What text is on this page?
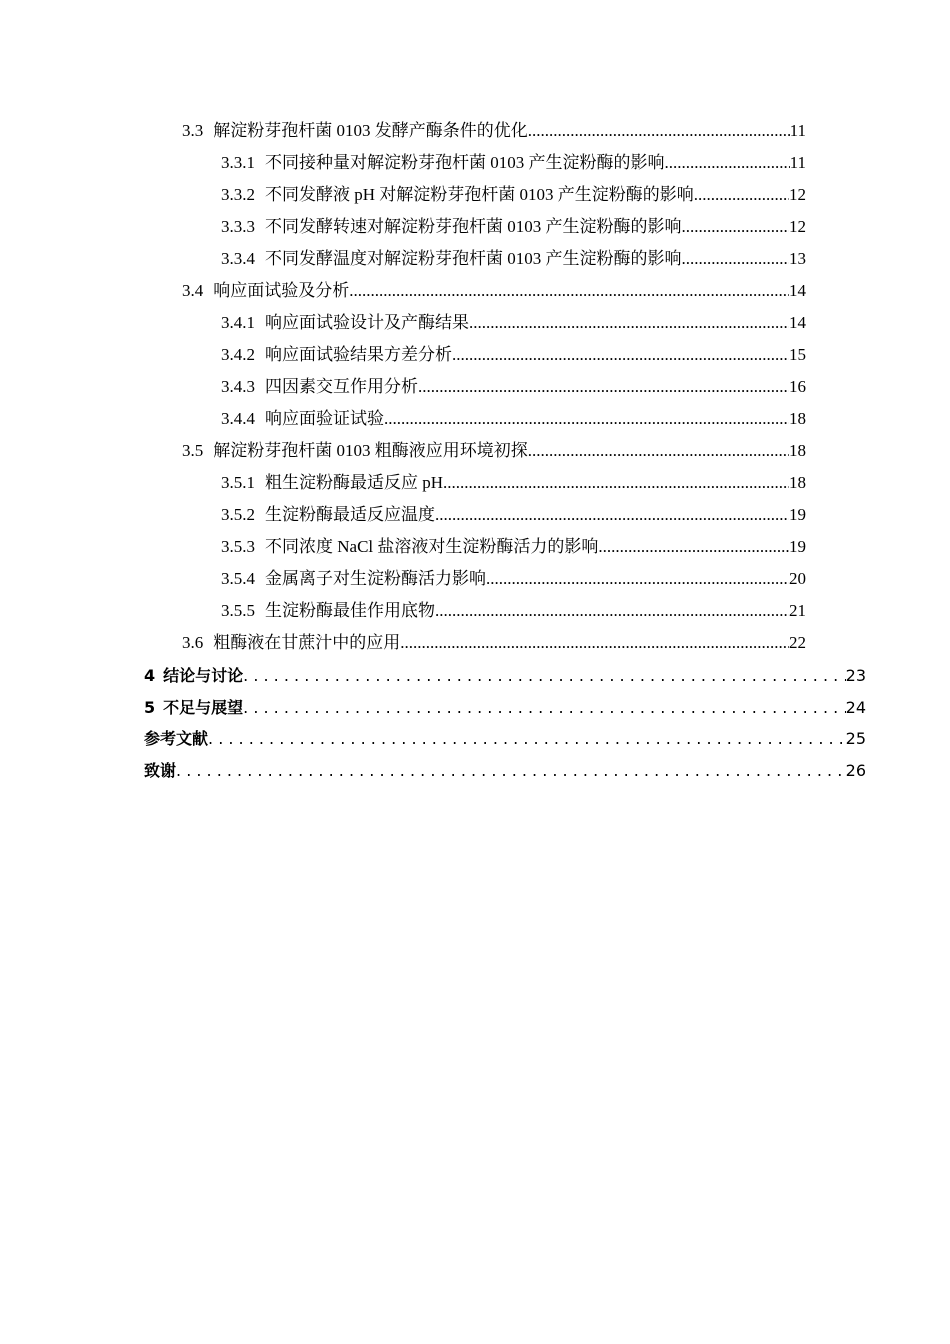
3.3 解淀粉芽孢杆菌 0103 发酵产酶条件的优化 .....	11
3.3.1 不同接种量对解淀粉芽孢杆菌 0103 产生淀粉酶的影响 .....	11
3.3.2 不同发酵液 pH 对解淀粉芽孢杆菌 0103 产生淀粉酶的影响 .....	12
3.3.3 不同发酵转速对解淀粉芽孢杆菌 0103 产生淀粉酶的影响 .....	12
3.3.4 不同发酵温度对解淀粉芽孢杆菌 0103 产生淀粉酶的影响 .....	13
3.4 响应面试验及分析 .....	14
3.4.1 响应面试验设计及产酶结果 .....	14
3.4.2 响应面试验结果方差分析 .....	15
3.4.3 四因素交互作用分析 .....	16
3.4.4 响应面验证试验 .....	18
3.5 解淀粉芽孢杆菌 0103 粗酶液应用环境初探 .....	18
3.5.1 粗生淀粉酶最适反应 pH .....	18
3.5.2 生淀粉酶最适反应温度 .....	19
3.5.3 不同浓度 NaCl 盐溶液对生淀粉酶活力的影响 .....	19
3.5.4 金属离子对生淀粉酶活力影响 .....	20
3.5.5 生淀粉酶最佳作用底物 .....	21
3.6 粗酶液在甘蔗汁中的应用 .....	22
4 结论与讨论 . . .	23
5 不足与展望 . . .	24
参考文献 . . .	25
致谢 . . .	26
